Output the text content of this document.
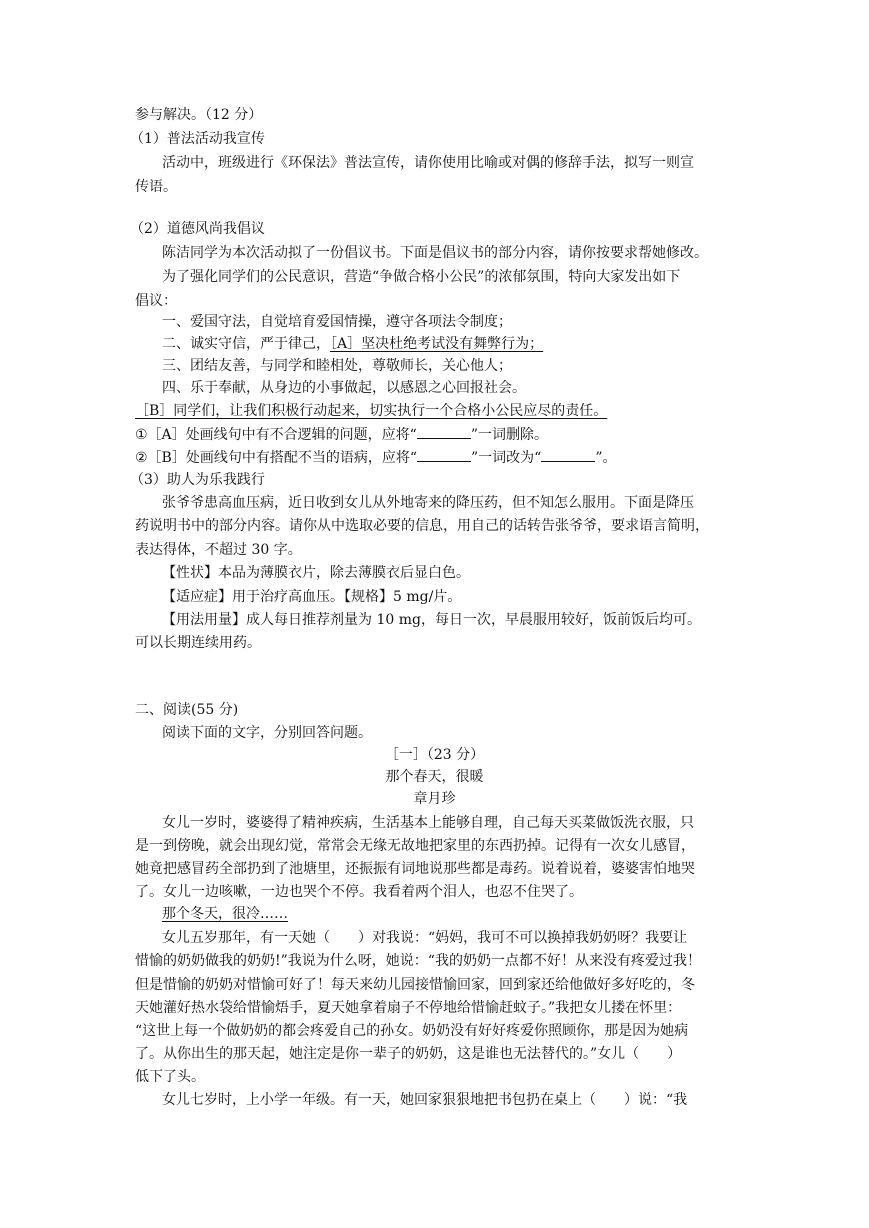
参与解决。（12 分）
（1）普法活动我宣传
活动中，班级进行《环保法》普法宣传，请你使用比喻或对偶的修辞手法，拟写一则宣
传语。
（2）道德风尚我倡议
陈洁同学为本次活动拟了一份倡议书。下面是倡议书的部分内容，请你按要求帮她修改。
为了强化同学们的公民意识，营造“争做合格小公民”的浓郁氛围，特向大家发出如下
倡议：
一、爱国守法，自觉培育爱国情操，遵守各项法令制度；
二、诚实守信，严于律己，［A］坚决杜绝考试没有舞弊行为；
三、团结友善，与同学和睦相处，尊敬师长，关心他人；
四、乐于奉献，从身边的小事做起，以感恩之心回报社会。
［B］同学们，让我们积极行动起来，切实执行一个合格小公民应尽的责任。
①［A］处画线句中有不合逻辑的问题，应将“	”一词删除。
②［B］处画线句中有搭配不当的语病，应将“	”一词改为“	”。
（3）助人为乐我践行
张爷爷患高血压病，近日收到女儿从外地寄来的降压药，但不知怎么服用。下面是降压
药说明书中的部分内容。请你从中选取必要的信息，用自己的话转告张爷爷，要求语言简明，
表达得体，不超过 30 字。
【性状】本品为薄膜衣片，除去薄膜衣后显白色。
【适应症】用于治疗高血压。【规格】5 mg/片。
【用法用量】成人每日推荐剂量为 10 mg，每日一次，早晨服用较好，饭前饭后均可。
可以长期连续用药。
二、阅读(55 分)
阅读下面的文字，分别回答问题。
［一］（23 分）
那个春天，很暖
章月珍
女儿一岁时，婆婆得了精神疾病，生活基本上能够自理，自己每天买菜做饭洗衣服，只
是一到傍晚，就会出现幻觉，常常会无缘无故地把家里的东西扔掉。记得有一次女儿感冒，
她竟把感冒药全部扔到了池塘里，还振振有词地说那些都是毒药。说着说着，婆婆害怕地哭
了。女儿一边咳嗽，一边也哭个不停。我看着两个泪人，也忍不住哭了。
那个冬天，很冷……
女儿五岁那年，有一天她（　　）对我说：“妈妈，我可不可以换掉我奶奶呀？我要让
惜愉的奶奶做我的奶奶!”我说为什么呀，她说：“我的奶奶一点都不好！从来没有疼爱过我！
但是惜愉的奶奶对惜愉可好了！每天来幼儿园接惜愉回家，回到家还给他做好多好吃的，冬
天她灌好热水袋给惜愉焐手，夏天她拿着扇子不停地给惜愉赶蚊子。”我把女儿搂在怀里：
“这世上每一个做奶奶的都会疼爱自己的孙女。奶奶没有好好疼爱你照顾你，那是因为她病
了。从你出生的那天起，她注定是你一辈子的奶奶，这是谁也无法替代的。”女儿（　　）
低下了头。
女儿七岁时，上小学一年级。有一天，她回家狠狠地把书包扔在桌上（　　）说：“我
